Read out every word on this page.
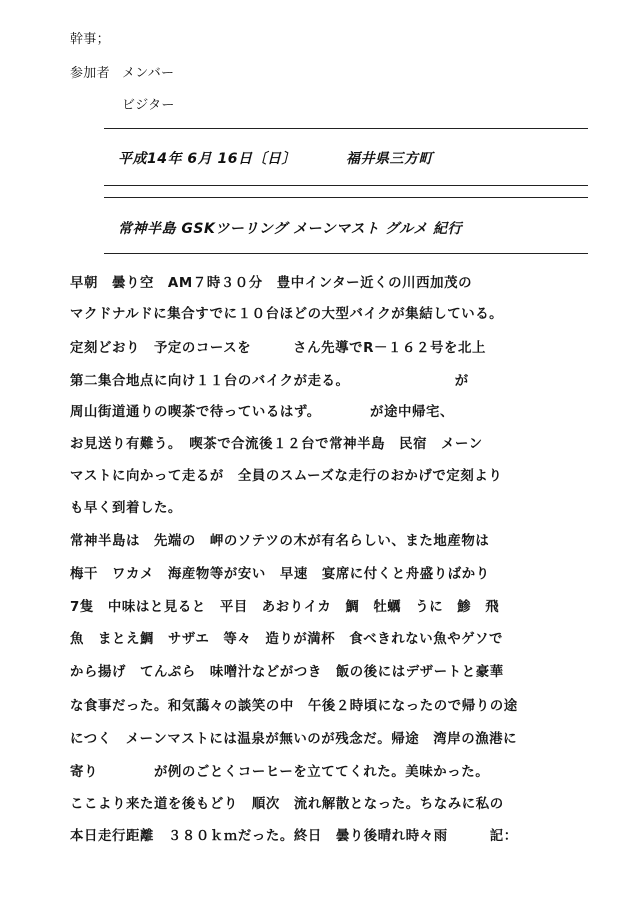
幹事；
参加者 メンバー
ビジター
平成14年 6月 16日〔日〕	福井県三方町
常神半島 GSKツーリング メーンマスト グルメ 紀行
早朝　曇り空　AM７時３０分　豊中インター近くの川西加茂の
マクドナルドに集合すでに１０台ほどの大型バイクが集結している。
定刻どおり　予定のコースを　　　さん先導でR－１６２号を北上
第二集合地点に向け１１台のバイクが走る。　　　　　　　　が
周山街道通りの喫茶で待っているはず。　　　　が途中帰宅、
お見送り有難う。　喫茶で合流後１２台で常神半島　民宿　メーン
マストに向かって走るが　全員のスムーズな走行のおかげで定刻より
も早く到着した。
常神半島は　先端の　岬のソテツの木が有名らしい、また地産物は
梅干　ワカメ　海産物等が安い　早速　宴席に付くと舟盛りばかり
7隻　中味はと見ると　平目　あおりイカ　鯛　牡蠣　うに　鯵　飛
魚　まとえ鯛　サザエ　等々　造りが満杯　食べきれない魚やゲソで
から揚げ　てんぷら　味噌汁などがつき　飯の後にはデザートと豪華
な食事だった。和気藹々の談笑の中　午後２時頃になったので帰りの途
につく　メーンマストには温泉が無いのが残念だ。帰途　湾岸の漁港に
寄り　　　　が例のごとくコーヒーを立ててくれた。美味かった。
ここより来た道を後もどり　順次　流れ解散となった。ちなみに私の
本日走行距離　３８０ｋｍだった。終日　曇り後晴れ時々雨　　　記：
